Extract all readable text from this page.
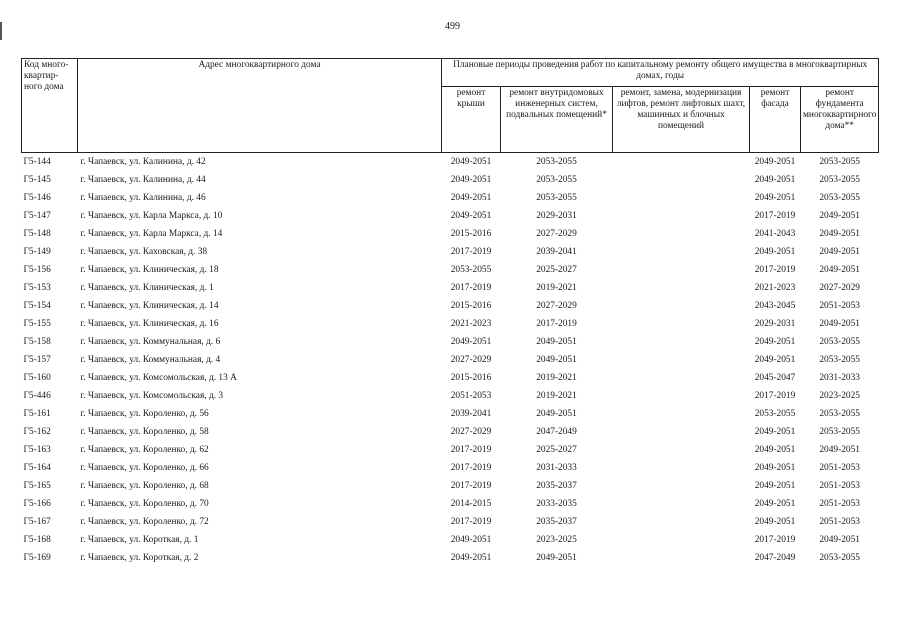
499
Код много-квартир-ного дома	Адрес многоквартирного дома	Плановые периоды проведения работ по капитальному ремонту общего имущества в многоквартирных домах, годы				
		ремонт крыши	ремонт внутридомовых инженерных систем, подвальных помещений*	ремонт, замена, модернизация лифтов, ремонт лифтовых шахт, машинных и блочных помещений	ремонт фасада	ремонт фундамента многоквартирного дома**
Г5-144	г. Чапаевск, ул. Калинина, д. 42	2049-2051	2053-2055		2049-2051	2053-2055
Г5-145	г. Чапаевск, ул. Калинина, д. 44	2049-2051	2053-2055		2049-2051	2053-2055
Г5-146	г. Чапаевск, ул. Калинина, д. 46	2049-2051	2053-2055		2049-2051	2053-2055
Г5-147	г. Чапаевск, ул. Карла Маркса, д. 10	2049-2051	2029-2031		2017-2019	2049-2051
Г5-148	г. Чапаевск, ул. Карла Маркса, д. 14	2015-2016	2027-2029		2041-2043	2049-2051
Г5-149	г. Чапаевск, ул. Каховская, д. 38	2017-2019	2039-2041		2049-2051	2049-2051
Г5-156	г. Чапаевск, ул. Клиническая, д. 18	2053-2055	2025-2027		2017-2019	2049-2051
Г5-153	г. Чапаевск, ул. Клиническая, д. 1	2017-2019	2019-2021		2021-2023	2027-2029
Г5-154	г. Чапаевск, ул. Клиническая, д. 14	2015-2016	2027-2029		2043-2045	2051-2053
Г5-155	г. Чапаевск, ул. Клиническая, д. 16	2021-2023	2017-2019		2029-2031	2049-2051
Г5-158	г. Чапаевск, ул. Коммунальная, д. 6	2049-2051	2049-2051		2049-2051	2053-2055
Г5-157	г. Чапаевск, ул. Коммунальная, д. 4	2027-2029	2049-2051		2049-2051	2053-2055
Г5-160	г. Чапаевск, ул. Комсомольская, д. 13 А	2015-2016	2019-2021		2045-2047	2031-2033
Г5-446	г. Чапаевск, ул. Комсомольская, д. 3	2051-2053	2019-2021		2017-2019	2023-2025
Г5-161	г. Чапаевск, ул. Короленко, д. 56	2039-2041	2049-2051		2053-2055	2053-2055
Г5-162	г. Чапаевск, ул. Короленко, д. 58	2027-2029	2047-2049		2049-2051	2053-2055
Г5-163	г. Чапаевск, ул. Короленко, д. 62	2017-2019	2025-2027		2049-2051	2049-2051
Г5-164	г. Чапаевск, ул. Короленко, д. 66	2017-2019	2031-2033		2049-2051	2051-2053
Г5-165	г. Чапаевск, ул. Короленко, д. 68	2017-2019	2035-2037		2049-2051	2051-2053
Г5-166	г. Чапаевск, ул. Короленко, д. 70	2014-2015	2033-2035		2049-2051	2051-2053
Г5-167	г. Чапаевск, ул. Короленко, д. 72	2017-2019	2035-2037		2049-2051	2051-2053
Г5-168	г. Чапаевск, ул. Короткая, д. 1	2049-2051	2023-2025		2017-2019	2049-2051
Г5-169	г. Чапаевск, ул. Короткая, д. 2	2049-2051	2049-2051		2047-2049	2053-2055
